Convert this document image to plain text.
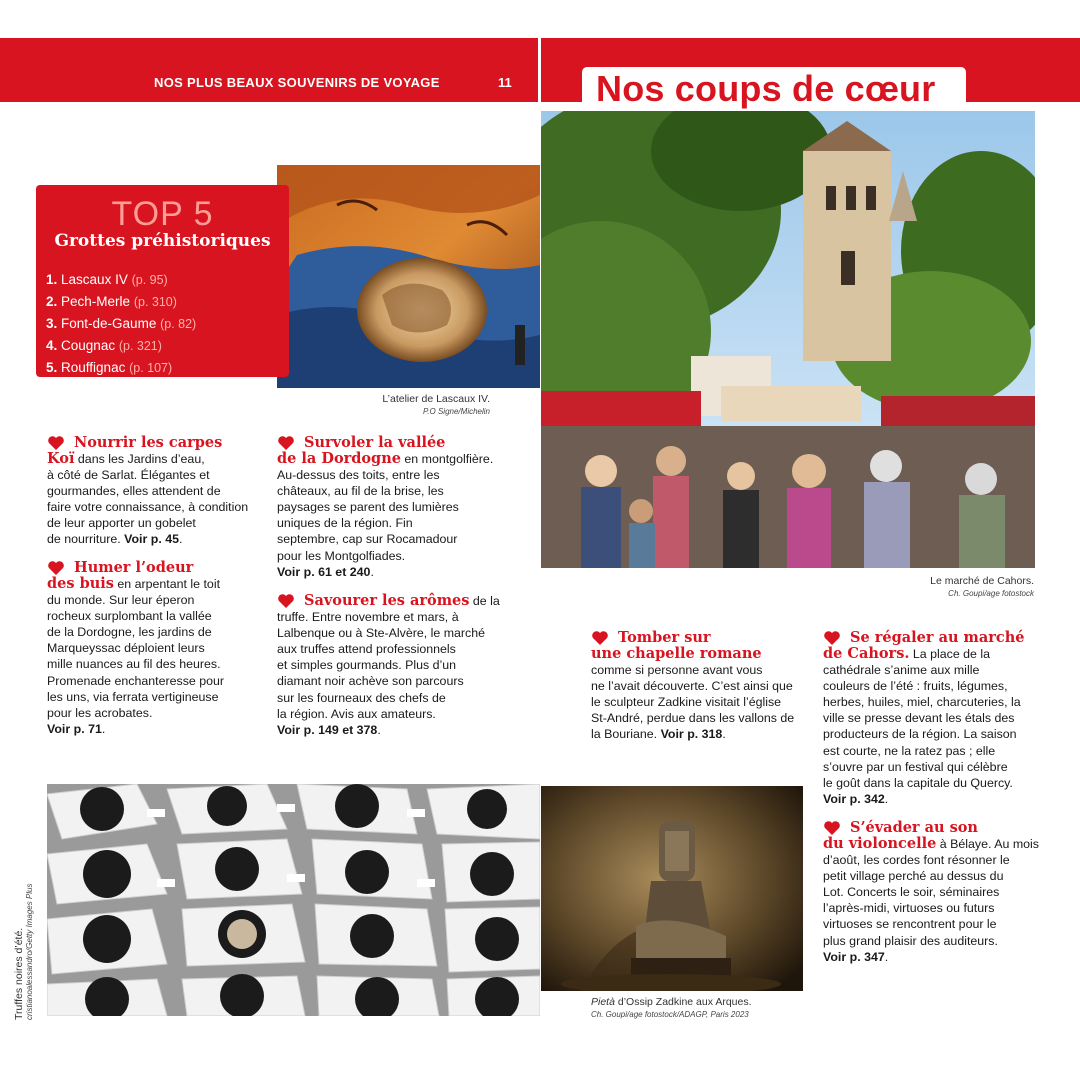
NOS PLUS BEAUX SOUVENIRS DE VOYAGE	11 Nos coups de cœur
L’atelier de Lascaux IV.
P.O Signe/Michelin
TOP 5
Grottes préhistoriques
1. Lascaux IV (p. 95)
2. Pech-Merle (p. 310)
3. Font-de-Gaume (p. 82)
4. Cougnac (p. 321)
5. Rouffignac (p. 107)
Le marché de Cahors.
Ch. Goupi/age fotostock
Truffes noires d’été. cristianoalessandro/Getty Images Plus	Pietà d’Ossip Zadkine aux Arques.
Ch. Goupi/age fotostock/ADAGP, Paris 2023
Nourrir les carpes
Koï dans les Jardins d’eau,
à côté de Sarlat. Élégantes et
gourmandes, elles attendent de
faire votre connaissance, à condition
de leur apporter un gobelet
de nourriture. Voir p. 45.
Humer l’odeur
des buis en arpentant le toit
du monde. Sur leur éperon
rocheux surplombant la vallée
de la Dordogne, les jardins de
Marqueyssac déploient leurs
mille nuances au fil des heures.
Promenade enchanteresse pour
les uns, via ferrata vertigineuse
pour les acrobates.
Voir p. 71.
Survoler la vallée
de la Dordogne en montgolfière.
Au-dessus des toits, entre les
châteaux, au fil de la brise, les
paysages se parent des lumières
uniques de la région. Fin
septembre, cap sur Rocamadour
pour les Montgolfiades.
Voir p. 61 et 240.
Savourer les arômes de la
truffe. Entre novembre et mars, à
Lalbenque ou à Ste-Alvère, le marché
aux truffes attend professionnels
et simples gourmands. Plus d’un
diamant noir achève son parcours
sur les fourneaux des chefs de
la région. Avis aux amateurs.
Voir p. 149 et 378.
Tomber sur
une chapelle romane
comme si personne avant vous
ne l’avait découverte. C’est ainsi que
le sculpteur Zadkine visitait l’église
St-André, perdue dans les vallons de
la Bouriane. Voir p. 318.
Se régaler au marché
de Cahors. La place de la
cathédrale s’anime aux mille
couleurs de l’été : fruits, légumes,
herbes, huiles, miel, charcuteries, la
ville se presse devant les étals des
producteurs de la région. La saison
est courte, ne la ratez pas ; elle
s’ouvre par un festival qui célèbre
le goût dans la capitale du Quercy.
Voir p. 342.
S’évader au son
du violoncelle à Bélaye. Au mois
d’août, les cordes font résonner le
petit village perché au dessus du
Lot. Concerts le soir, séminaires
l’après-midi, virtuoses ou futurs
virtuoses se rencontrent pour le
plus grand plaisir des auditeurs.
Voir p. 347.
